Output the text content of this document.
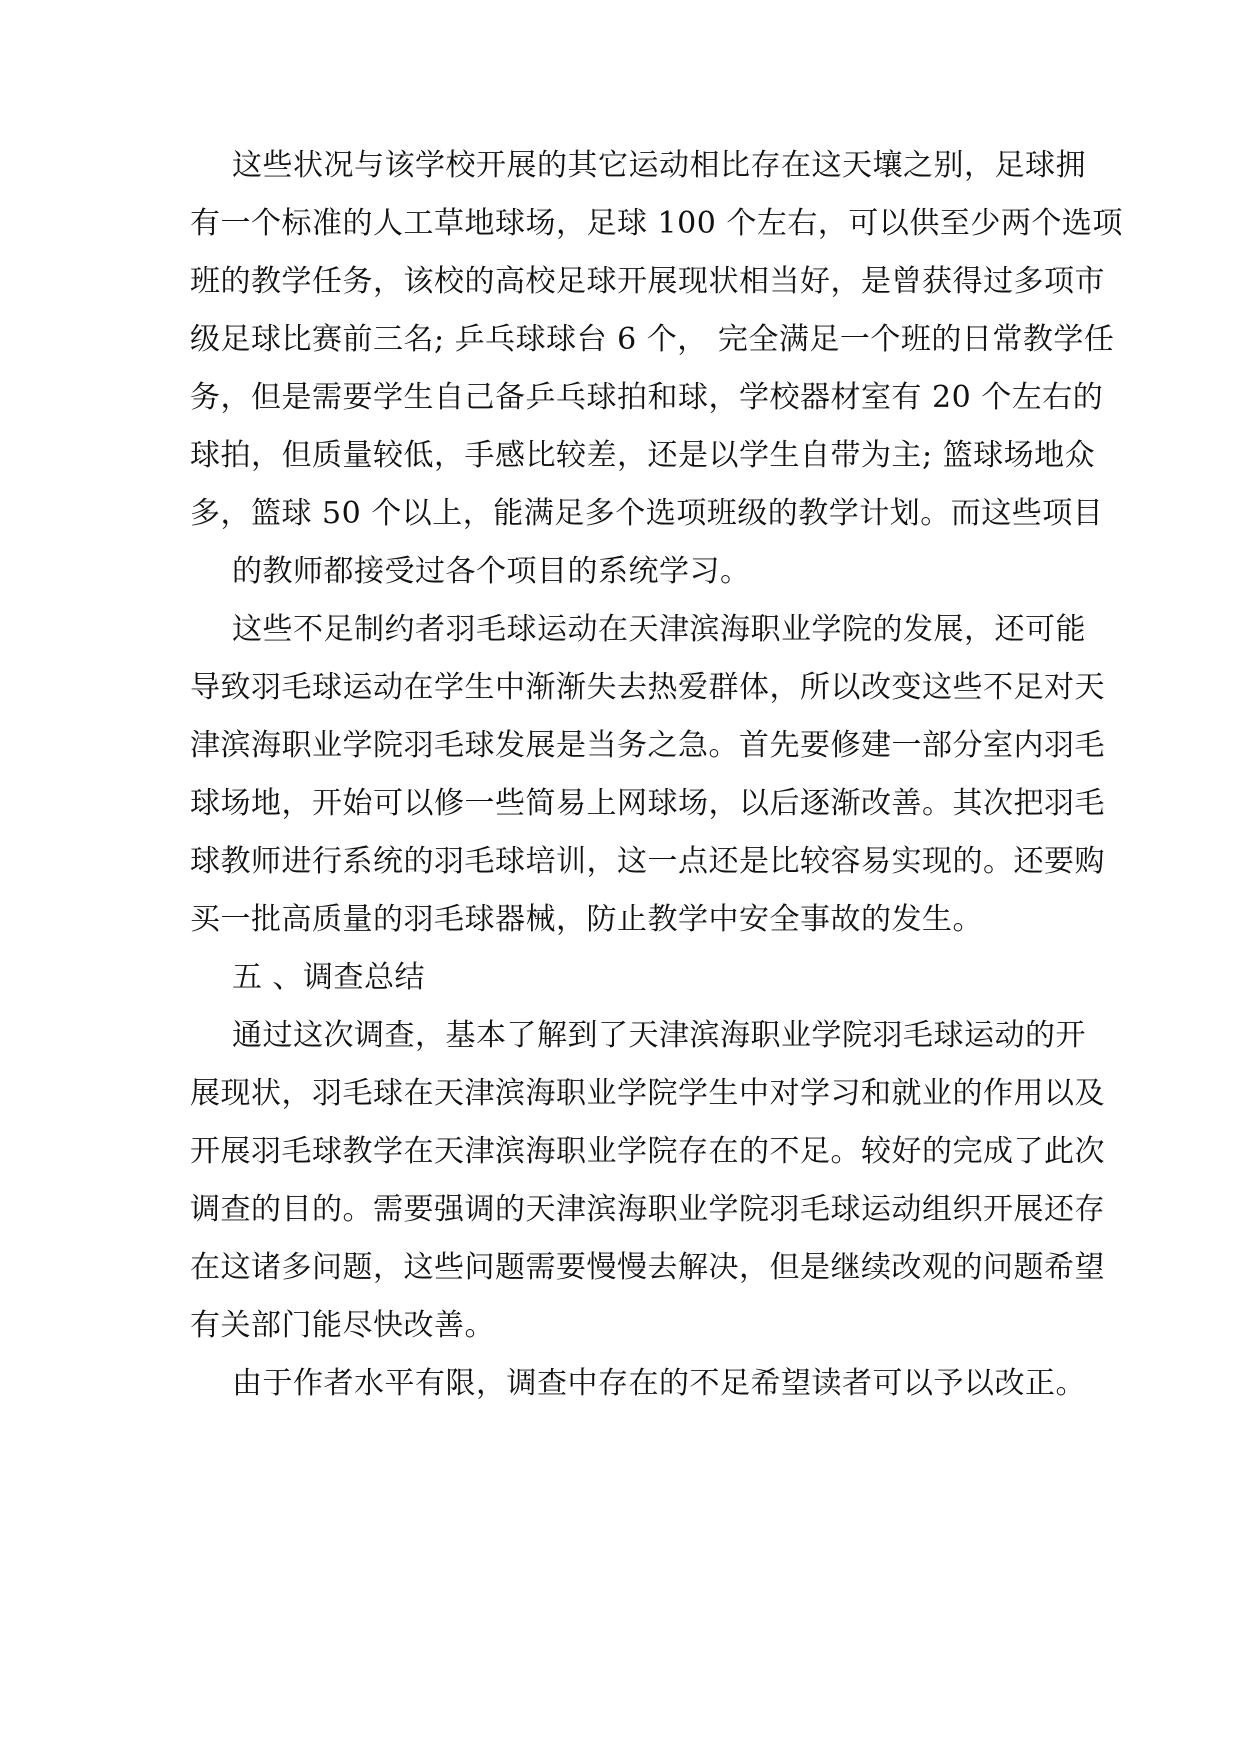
这些状况与该学校开展的其它运动相比存在这天壤之别，足球拥
有一个标准的人工草地球场，足球 100 个左右，可以供至少两个选项
班的教学任务，该校的高校足球开展现状相当好，是曾获得过多项市
级足球比赛前三名; 乒乓球球台 6 个， 完全满足一个班的日常教学任
务，但是需要学生自己备乒乓球拍和球，学校器材室有 20 个左右的
球拍，但质量较低，手感比较差，还是以学生自带为主; 篮球场地众
多，篮球 50 个以上，能满足多个选项班级的教学计划。而这些项目
的教师都接受过各个项目的系统学习。
这些不足制约者羽毛球运动在天津滨海职业学院的发展，还可能
导致羽毛球运动在学生中渐渐失去热爱群体，所以改变这些不足对天
津滨海职业学院羽毛球发展是当务之急。首先要修建一部分室内羽毛
球场地，开始可以修一些简易上网球场，以后逐渐改善。其次把羽毛
球教师进行系统的羽毛球培训，这一点还是比较容易实现的。还要购
买一批高质量的羽毛球器械，防止教学中安全事故的发生。
五 、调查总结
通过这次调查，基本了解到了天津滨海职业学院羽毛球运动的开
展现状，羽毛球在天津滨海职业学院学生中对学习和就业的作用以及
开展羽毛球教学在天津滨海职业学院存在的不足。较好的完成了此次
调查的目的。需要强调的天津滨海职业学院羽毛球运动组织开展还存
在这诸多问题，这些问题需要慢慢去解决，但是继续改观的问题希望
有关部门能尽快改善。
由于作者水平有限，调查中存在的不足希望读者可以予以改正。
